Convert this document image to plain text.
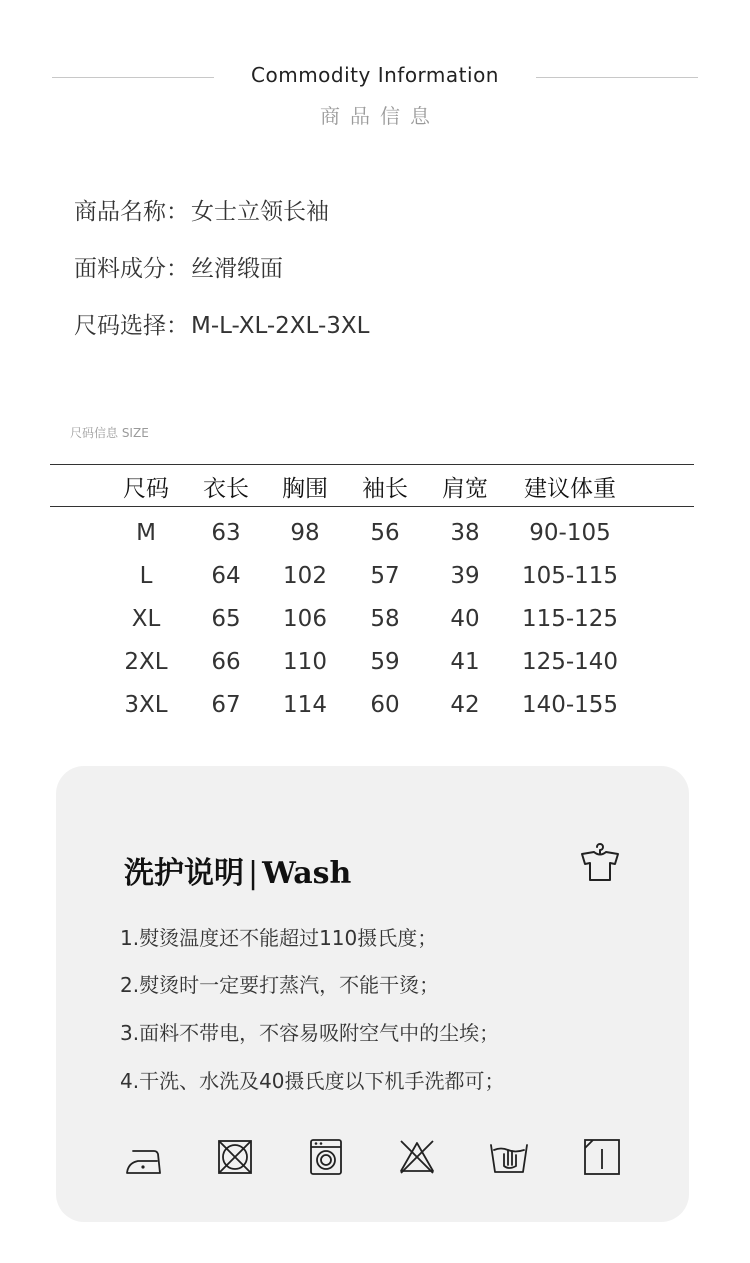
Commodity Information
商品信息
商品名称：女士立领长袖
面料成分：丝滑缎面
尺码选择：M-L-XL-2XL-3XL
尺码信息 SIZE
尺码	衣长	胸围	袖长	肩宽	建议体重
M	63	98	56	38	90-105
L	64	102	57	39	105-115
XL	65	106	58	40	115-125
2XL	66	110	59	41	125-140
3XL	67	114	60	42	140-155
洗护说明 | Wash
1.熨烫温度还不能超过110摄氏度；
2.熨烫时一定要打蒸汽，不能干烫；
3.面料不带电，不容易吸附空气中的尘埃；
4.干洗、水洗及40摄氏度以下机手洗都可；
